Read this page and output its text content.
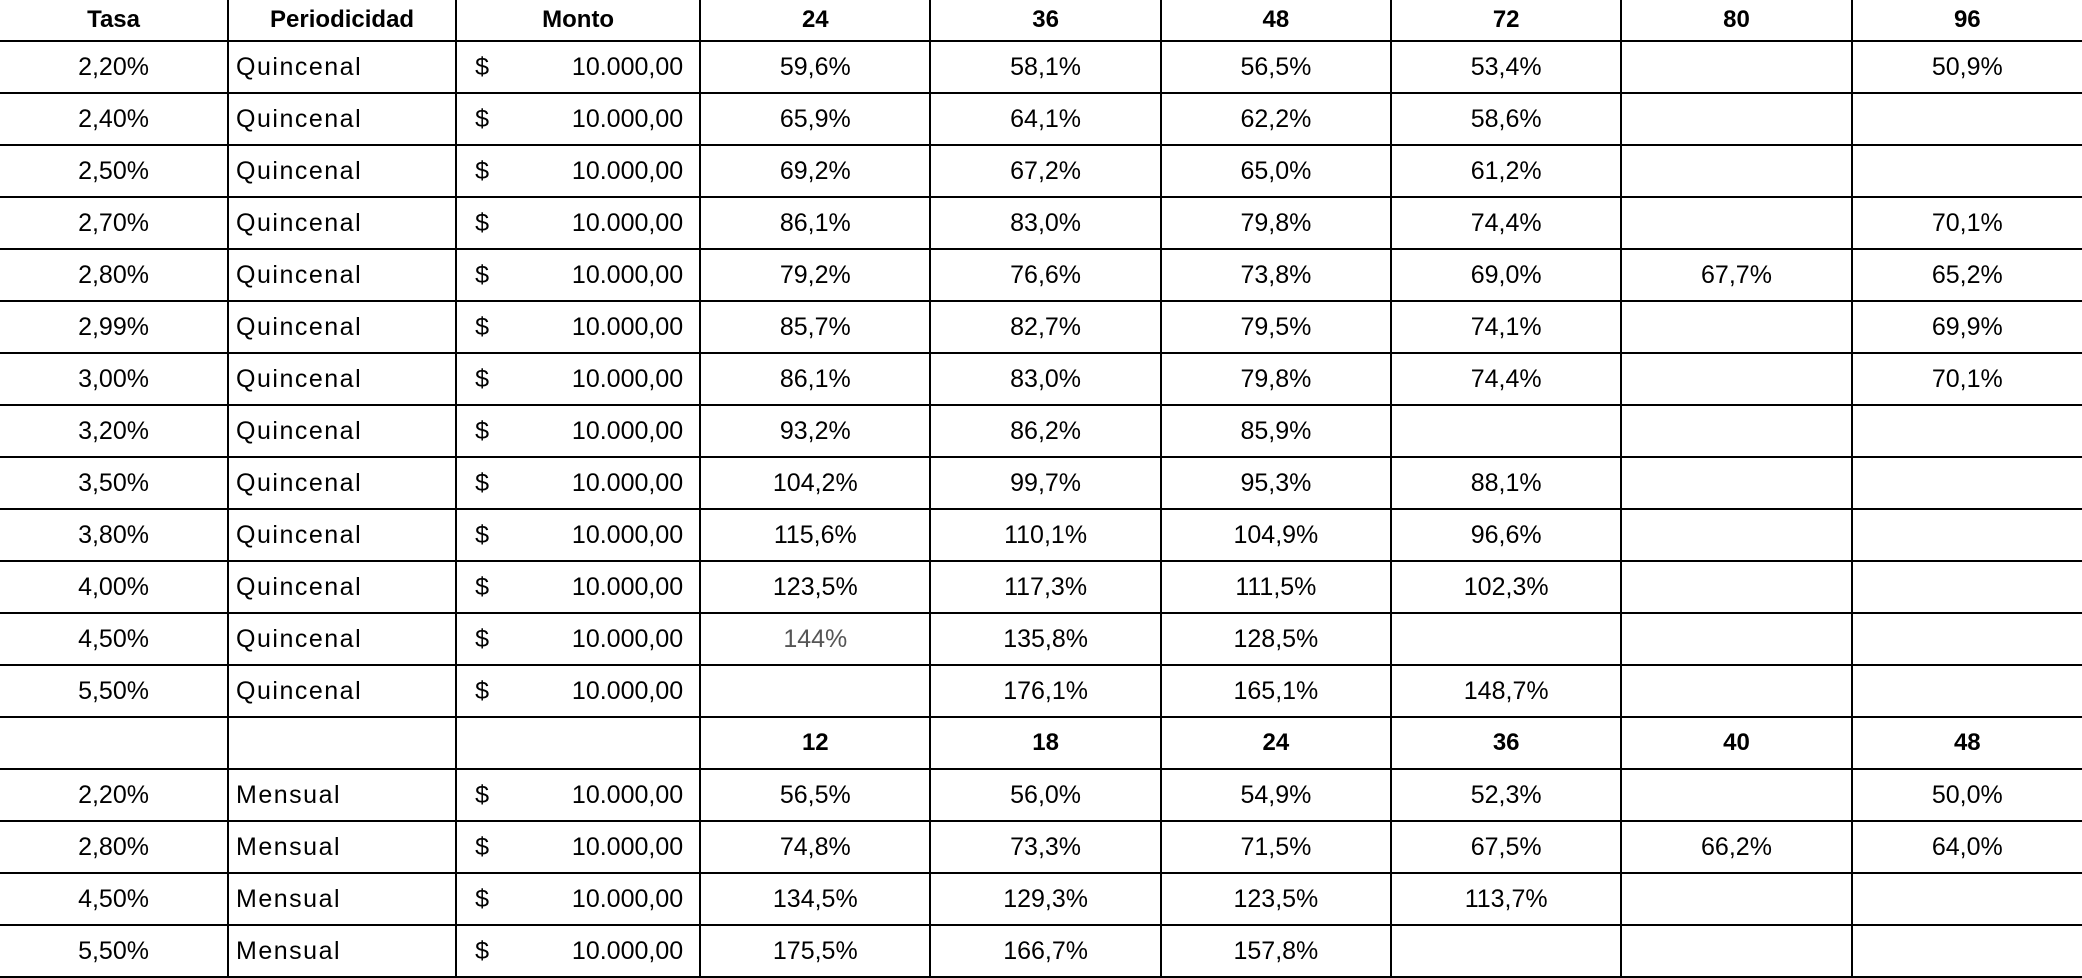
Tasa	Periodicidad	Monto	24	36	48	72	80	96
2,20%	Quincenal	$ 10.000,00	59,6%	58,1%	56,5%	53,4%		50,9%
2,40%	Quincenal	$ 10.000,00	65,9%	64,1%	62,2%	58,6%		
2,50%	Quincenal	$ 10.000,00	69,2%	67,2%	65,0%	61,2%		
2,70%	Quincenal	$ 10.000,00	86,1%	83,0%	79,8%	74,4%		70,1%
2,80%	Quincenal	$ 10.000,00	79,2%	76,6%	73,8%	69,0%	67,7%	65,2%
2,99%	Quincenal	$ 10.000,00	85,7%	82,7%	79,5%	74,1%		69,9%
3,00%	Quincenal	$ 10.000,00	86,1%	83,0%	79,8%	74,4%		70,1%
3,20%	Quincenal	$ 10.000,00	93,2%	86,2%	85,9%			
3,50%	Quincenal	$ 10.000,00	104,2%	99,7%	95,3%	88,1%		
3,80%	Quincenal	$ 10.000,00	115,6%	110,1%	104,9%	96,6%		
4,00%	Quincenal	$ 10.000,00	123,5%	117,3%	111,5%	102,3%		
4,50%	Quincenal	$ 10.000,00	144%	135,8%	128,5%			
5,50%	Quincenal	$ 10.000,00		176,1%	165,1%	148,7%		
			12	18	24	36	40	48
2,20%	Mensual	$ 10.000,00	56,5%	56,0%	54,9%	52,3%		50,0%
2,80%	Mensual	$ 10.000,00	74,8%	73,3%	71,5%	67,5%	66,2%	64,0%
4,50%	Mensual	$ 10.000,00	134,5%	129,3%	123,5%	113,7%		
5,50%	Mensual	$ 10.000,00	175,5%	166,7%	157,8%			
